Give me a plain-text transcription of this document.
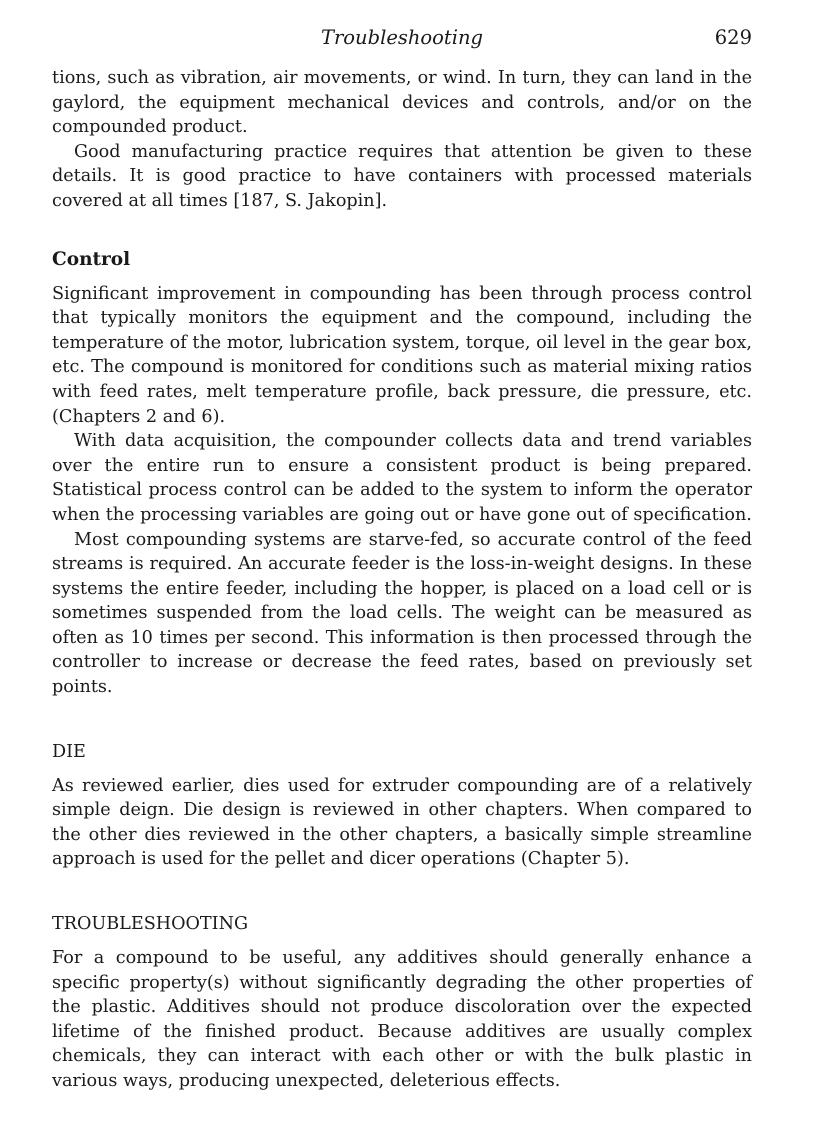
Troubleshooting	629

tions, such as vibration, air movements, or wind. In turn, they can land in the gaylord, the equipment mechanical devices and controls, and/or on the compounded product.

Good manufacturing practice requires that attention be given to these details. It is good practice to have containers with processed materials covered at all times [187, S. Jakopin].

Control

Significant improvement in compounding has been through process control that typically monitors the equipment and the compound, including the temperature of the motor, lubrication system, torque, oil level in the gear box, etc. The compound is monitored for conditions such as material mixing ratios with feed rates, melt temperature profile, back pressure, die pressure, etc. (Chapters 2 and 6).

With data acquisition, the compounder collects data and trend variables over the entire run to ensure a consistent product is being prepared. Statistical process control can be added to the system to inform the operator when the processing variables are going out or have gone out of specification.

Most compounding systems are starve-fed, so accurate control of the feed streams is required. An accurate feeder is the loss-in-weight designs. In these systems the entire feeder, including the hopper, is placed on a load cell or is sometimes suspended from the load cells. The weight can be measured as often as 10 times per second. This information is then processed through the controller to increase or decrease the feed rates, based on previously set points.

DIE

As reviewed earlier, dies used for extruder compounding are of a relatively simple deign. Die design is reviewed in other chapters. When compared to the other dies reviewed in the other chapters, a basically simple streamline approach is used for the pellet and dicer operations (Chapter 5).

TROUBLESHOOTING

For a compound to be useful, any additives should generally enhance a specific property(s) without significantly degrading the other properties of the plastic. Additives should not produce discoloration over the expected lifetime of the finished product. Because additives are usually complex chemicals, they can interact with each other or with the bulk plastic in various ways, producing unexpected, deleterious effects.
